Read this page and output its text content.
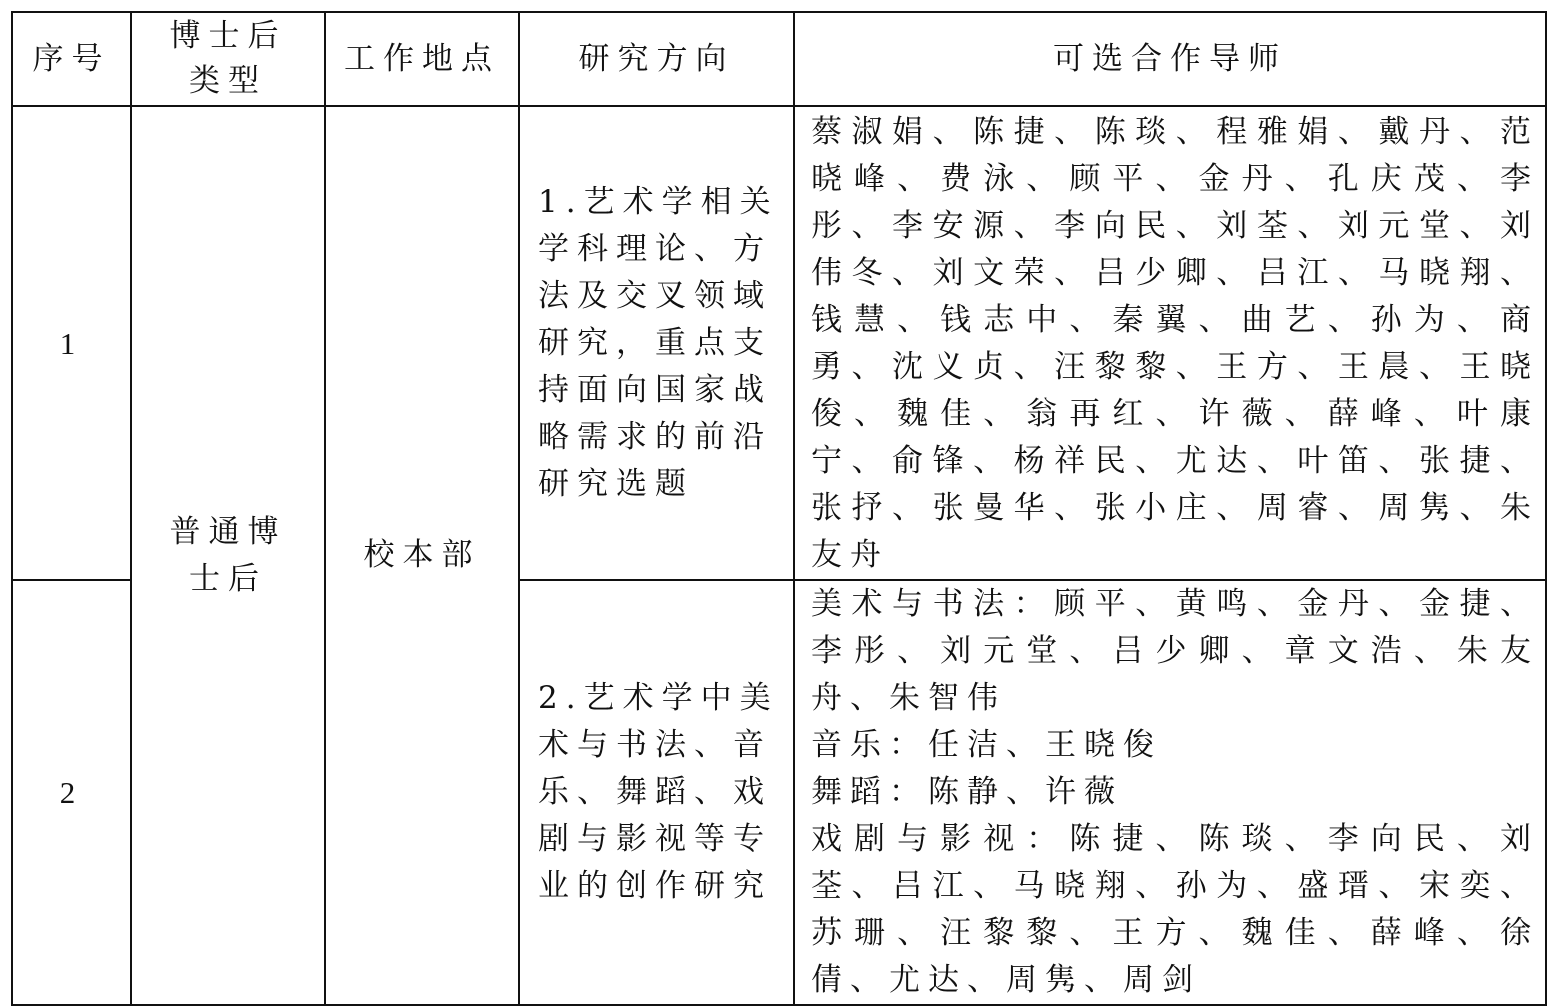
序号	博士后类型	工作地点	研究方向	可选合作导师
1	普通博士后	校本部	1.艺术学相关学科理论、方法及交叉领域研究，重点支持面向国家战略需求的前沿研究选题	蔡淑娟、陈捷、陈琰、程雅娟、戴丹、范晓峰、费泳、顾平、金丹、孔庆茂、李彤、李安源、李向民、刘荃、刘元堂、刘伟冬、刘文荣、吕少卿、吕江、马晓翔、钱慧、钱志中、秦翼、曲艺、孙为、商勇、沈义贞、汪黎黎、王方、王晨、王晓俊、魏佳、翁再红、许薇、薛峰、叶康宁、俞锋、杨祥民、尤达、叶笛、张捷、张抒、张曼华、张小庄、周睿、周隽、朱友舟

2			2.艺术学中美术与书法、音乐、舞蹈、戏剧与影视等专业的创作研究	美术与书法：顾平、黄鸣、金丹、金捷、李彤、刘元堂、吕少卿、章文浩、朱友舟、朱智伟
音乐：任洁、王晓俊
舞蹈：陈静、许薇
戏剧与影视：陈捷、陈琰、李向民、刘荃、吕江、马晓翔、孙为、盛瑨、宋奕、苏珊、汪黎黎、王方、魏佳、薛峰、徐倩、尤达、周隽、周剑
